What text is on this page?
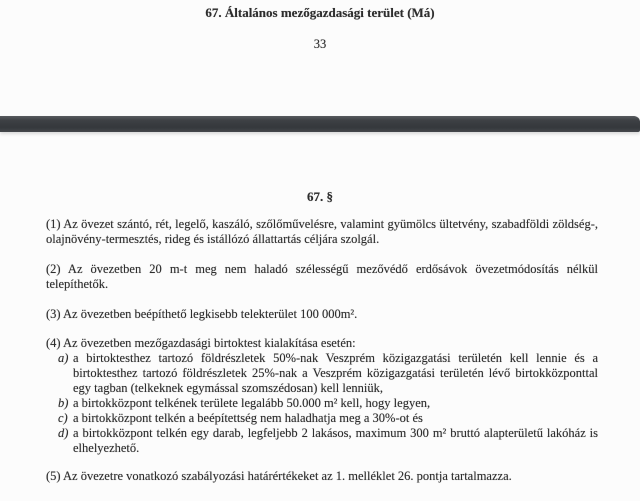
67. Általános mezőgazdasági terület (Má)
33
67. §

(1) Az övezet szántó, rét, legelő, kaszáló, szőlőművelésre, valamint gyümölcs ültetvény, szabadföldi zöldség-, olajnövény-termesztés, rideg és istállózó állattartás céljára szolgál.

(2) Az övezetben 20 m-t meg nem haladó szélességű mezővédő erdősávok övezetmódosítás nélkül telepíthetők.

(3) Az övezetben beépíthető legkisebb telekterület 100 000m².

(4) Az övezetben mezőgazdasági birtoktest kialakítása esetén:

a) a birtoktesthez tartozó földrészletek 50%-nak Veszprém közigazgatási területén kell lennie és a birtoktesthez tartozó földrészletek 25%-nak a Veszprém közigazgatási területén lévő birtokközponttal egy tagban (telkeknek egymással szomszédosan) kell lenniük,
b) a birtokközpont telkének területe legalább 50.000 m² kell, hogy legyen,
c) a birtokközpont telkén a beépítettség nem haladhatja meg a 30%-ot és
d) a birtokközpont telkén egy darab, legfeljebb 2 lakásos, maximum 300 m² bruttó alapterületű lakóház is elhelyezhető.

(5) Az övezetre vonatkozó szabályozási határértékeket az 1. melléklet 26. pontja tartalmazza.
